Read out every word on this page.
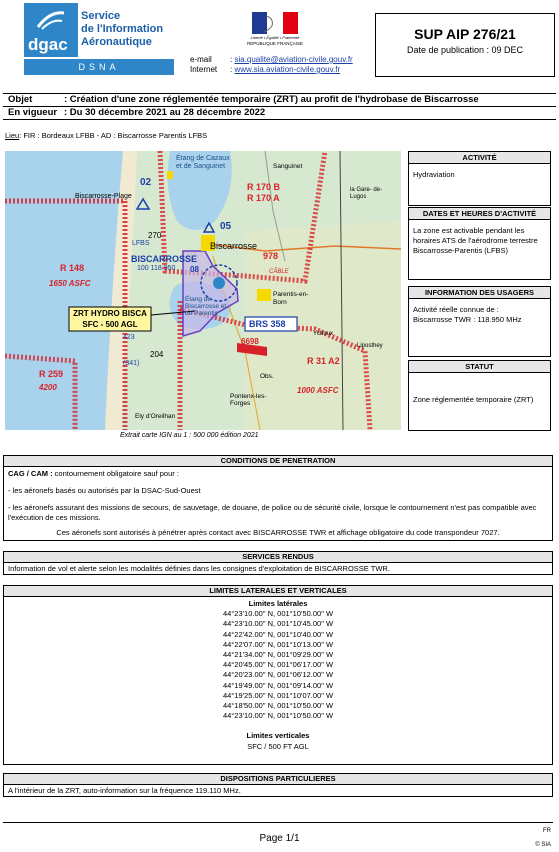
dgac
Service
de l'Information
Aéronautique
DSNA
Liberté • Égalité • Fraternité
RÉPUBLIQUE FRANÇAISE
e-mail	: sia.qualite@aviation-civile.gouv.fr
Internet	: www.sia.aviation-civile.gouv.fr
SUP AIP 276/21
Date de publication : 09 DEC
Objet	: Création d'une zone réglementée temporaire (ZRT) au profit de l'hydrobase de Biscarrosse
En vigueur : Du 30 décembre 2021 au 28 décembre 2022
Lieu: FIR : Bordeaux LFBB - AD : Biscarrosse Parentis LFBS
Étang de Cazaux et de Sanguinet	Sanguinet
la Gare- de-Lugos
Biscarrosse-Plage
Biscarrosse
BISCARROSSE
100 118.950
LFBS
R 148
1650 ASFC
R 170 B
R 170 A
978
CÂBLE
ZRT HYDRO BISCA
SFC - 500 AGL
Étang de Biscarrosse et de Parentis
Parentis-en-Born
BRS 358
6698
R 31 A2
1000 ASFC
R 259
4200
Pontenx-les-Forges
Ely d'Oreilhan
Ychoux
Liposthey
423
(341)
204
270
02
05
08
Obs.
Extrait carte IGN au 1 : 500 000 édition 2021
ACTIVITÉ
Hydraviation
DATES ET HEURES D'ACTIVITÉ
La zone est activable pendant les horaires ATS de l'aérodrome terrestre Biscarrosse-Parentis (LFBS)
INFORMATION DES USAGERS
Activité réelle connue de :
Biscarrosse TWR : 118.950 MHz
STATUT
Zone réglementée temporaire (ZRT)
CONDITIONS DE PENETRATION
CAG / CAM : contournement obligatoire sauf pour :
- les aéronefs basés ou autorisés par la DSAC-Sud-Ouest
- les aéronefs assurant des missions de secours, de sauvetage, de douane, de police ou de sécurité civile, lorsque le contournement n'est pas compatible avec l'exécution de ces missions.
Ces aéronefs sont autorisés à pénétrer après contact avec BISCARROSSE TWR et affichage obligatoire du code transpondeur 7027.
SERVICES RENDUS
Information de vol et alerte selon les modalités définies dans les consignes d'exploitation de BISCARROSSE TWR.
LIMITES LATERALES ET VERTICALES
Limites latérales
44°23'10.00" N, 001°10'50.00" W
44°23'10.00" N, 001°10'45.00" W
44°22'42.00" N, 001°10'40.00" W
44°22'07.00" N, 001°10'13.00" W
44°21'34.00" N, 001°09'29.00" W
44°20'45.00" N, 001°06'17.00" W
44°20'23.00" N, 001°06'12.00" W
44°19'49.00" N, 001°09'14.00" W
44°19'25.00" N, 001°10'07.00" W
44°18'50.00" N, 001°10'50.00" W
44°23'10.00" N, 001°10'50.00" W
Limites verticales
SFC / 500 FT AGL
DISPOSITIONS PARTICULIERES
A l'intérieur de la ZRT, auto-information sur la fréquence 119.110 MHz.
Page 1/1
FR
© SIA
